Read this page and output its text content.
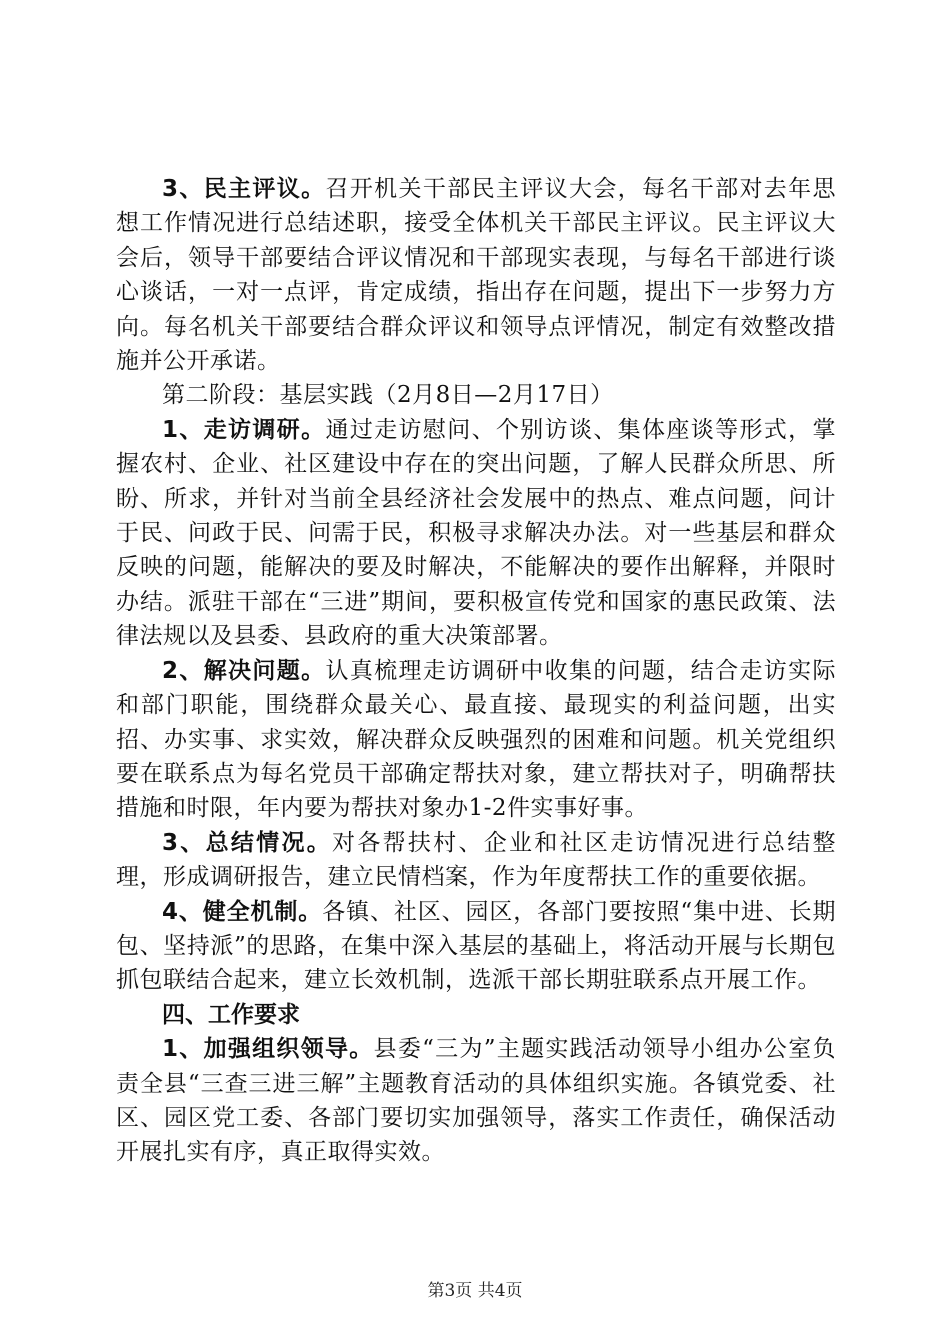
3、民主评议。召开机关干部民主评议大会，每名干部对去年思想工作情况进行总结述职，接受全体机关干部民主评议。民主评议大会后，领导干部要结合评议情况和干部现实表现，与每名干部进行谈心谈话，一对一点评，肯定成绩，指出存在问题，提出下一步努力方向。每名机关干部要结合群众评议和领导点评情况，制定有效整改措施并公开承诺。

第二阶段：基层实践（2月8日—2月17日）

1、走访调研。通过走访慰问、个别访谈、集体座谈等形式，掌握农村、企业、社区建设中存在的突出问题，了解人民群众所思、所盼、所求，并针对当前全县经济社会发展中的热点、难点问题，问计于民、问政于民、问需于民，积极寻求解决办法。对一些基层和群众反映的问题，能解决的要及时解决，不能解决的要作出解释，并限时办结。派驻干部在“三进”期间，要积极宣传党和国家的惠民政策、法律法规以及县委、县政府的重大决策部署。

2、解决问题。认真梳理走访调研中收集的问题，结合走访实际和部门职能，围绕群众最关心、最直接、最现实的利益问题，出实招、办实事、求实效，解决群众反映强烈的困难和问题。机关党组织要在联系点为每名党员干部确定帮扶对象，建立帮扶对子，明确帮扶措施和时限，年内要为帮扶对象办1-2件实事好事。

3、总结情况。对各帮扶村、企业和社区走访情况进行总结整理，形成调研报告，建立民情档案，作为年度帮扶工作的重要依据。

4、健全机制。各镇、社区、园区，各部门要按照“集中进、长期包、坚持派”的思路，在集中深入基层的基础上，将活动开展与长期包抓包联结合起来，建立长效机制，选派干部长期驻联系点开展工作。

四、工作要求

1、加强组织领导。县委“三为”主题实践活动领导小组办公室负责全县“三查三进三解”主题教育活动的具体组织实施。各镇党委、社区、园区党工委、各部门要切实加强领导，落实工作责任，确保活动开展扎实有序，真正取得实效。

第3页 共4页
